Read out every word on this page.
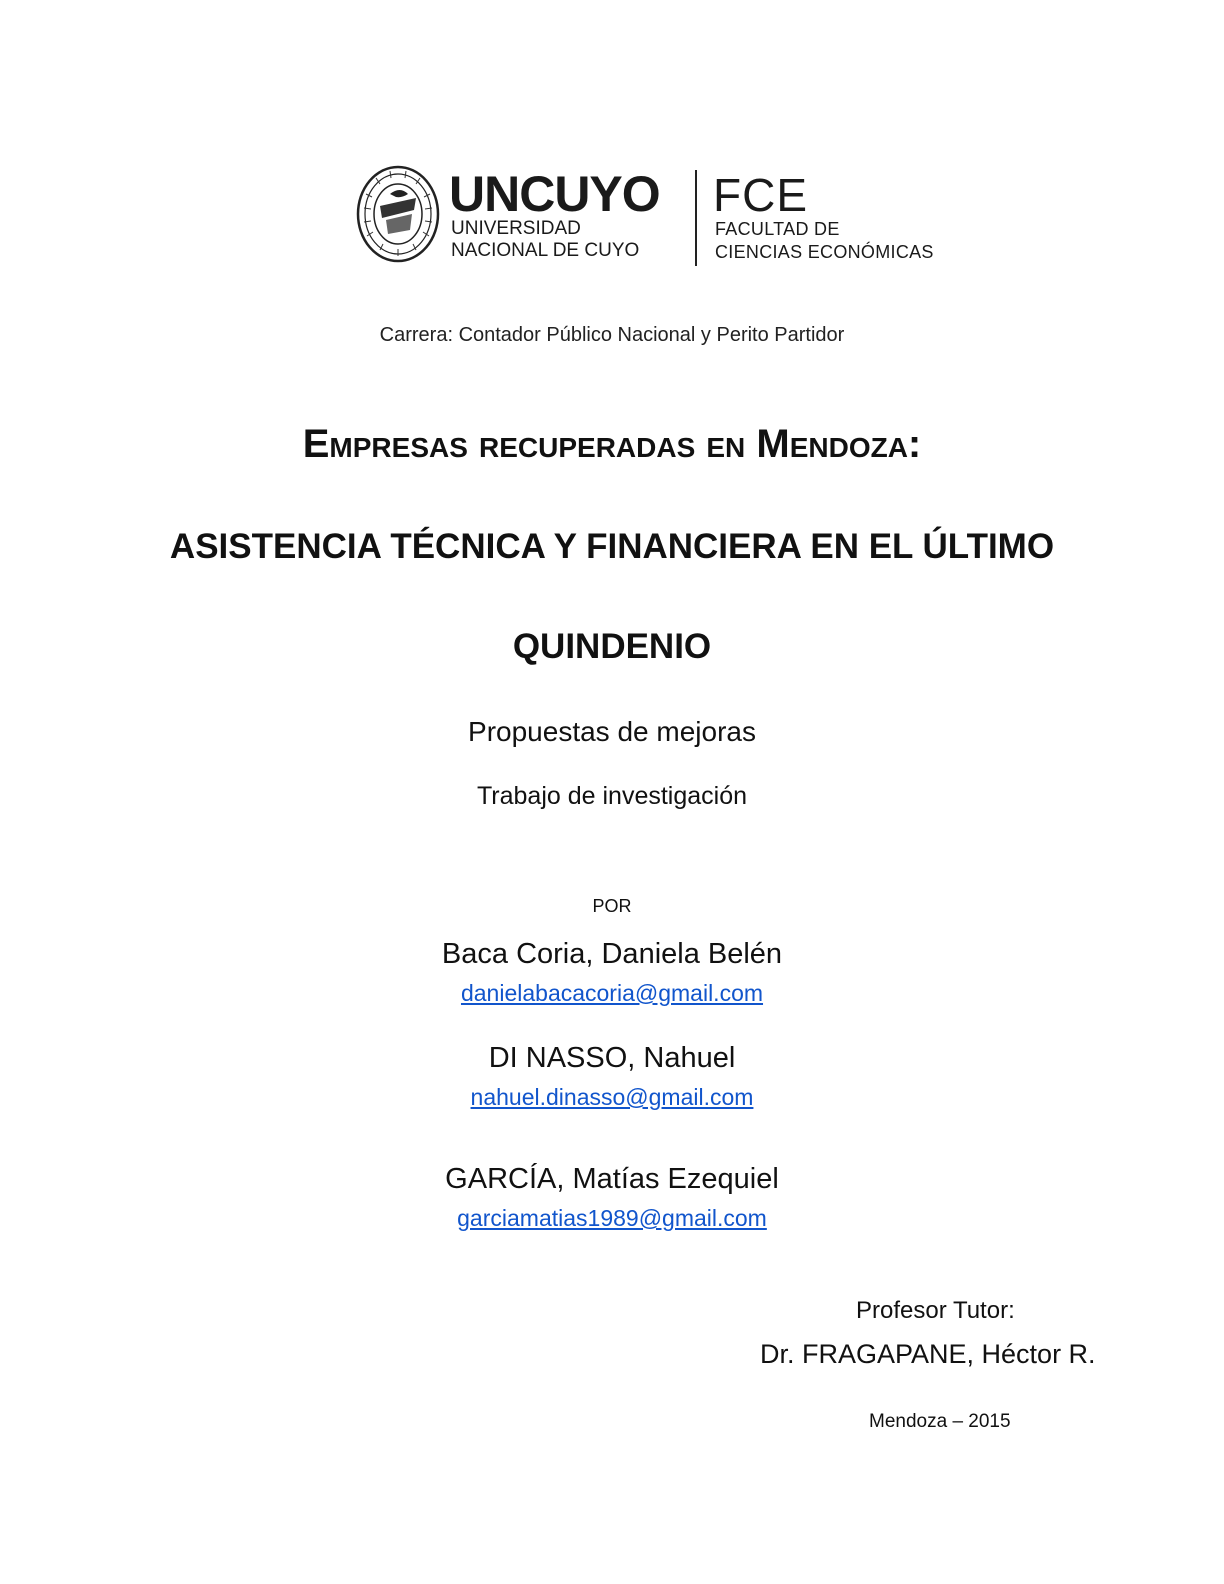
UNCUYO
UNIVERSIDAD
NACIONAL DE CUYO
FCE
FACULTAD DE
CIENCIAS ECONÓMICAS
Carrera: Contador Público Nacional y Perito Partidor
Empresas recuperadas en Mendoza:
ASISTENCIA TÉCNICA Y FINANCIERA EN EL ÚLTIMO
QUINDENIO
Propuestas de mejoras
Trabajo de investigación
POR
Baca Coria, Daniela Belén
danielabacacoria@gmail.com
DI NASSO, Nahuel
nahuel.dinasso@gmail.com
GARCÍA, Matías Ezequiel
garciamatias1989@gmail.com
Profesor Tutor:
Dr. FRAGAPANE, Héctor R.
Mendoza – 2015
